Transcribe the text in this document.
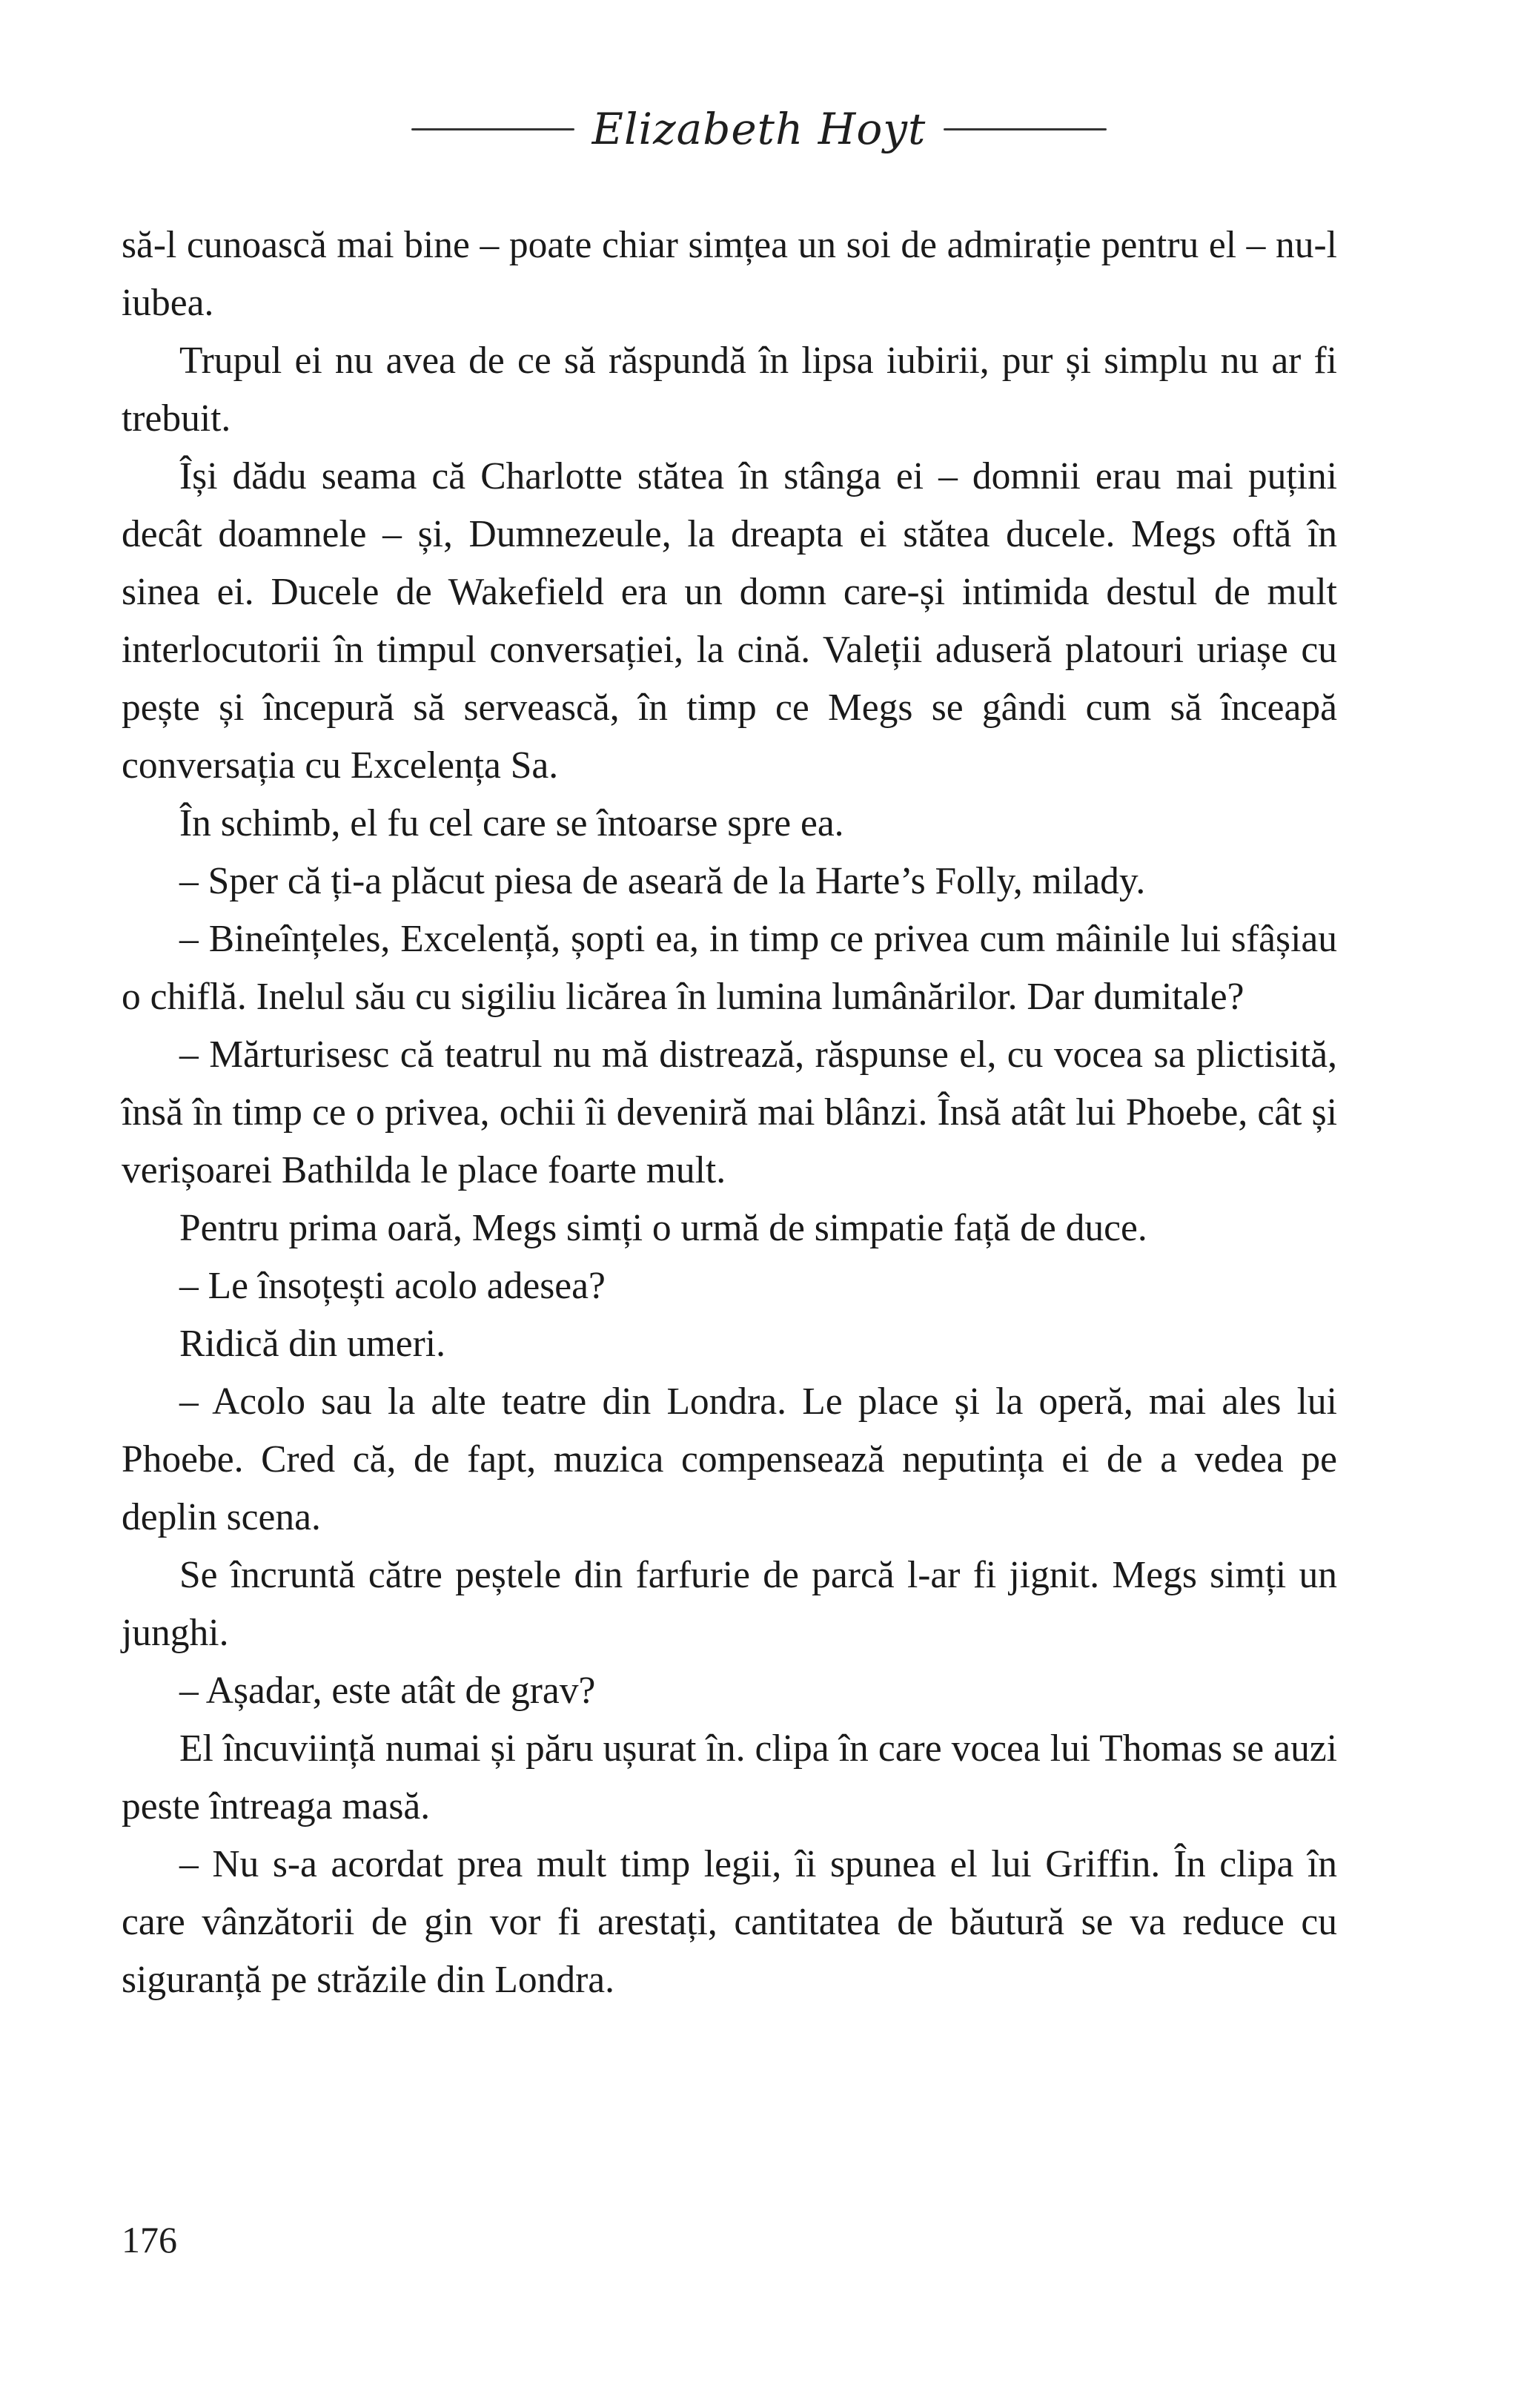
Elizabeth Hoyt

să-l cunoască mai bine – poate chiar simțea un soi de admirație pentru el – nu-l iubea.

Trupul ei nu avea de ce să răspundă în lipsa iubirii, pur și simplu nu ar fi trebuit.

Își dădu seama că Charlotte stătea în stânga ei – domnii erau mai puțini decât doamnele – și, Dumnezeule, la dreapta ei stătea ducele. Megs oftă în sinea ei. Ducele de Wakefield era un domn care-și intimida destul de mult interlocutorii în timpul conversației, la cină. Valeții aduseră platouri uriașe cu pește și începură să servească, în timp ce Megs se gândi cum să înceapă conversația cu Excelența Sa.

În schimb, el fu cel care se întoarse spre ea.

– Sper că ți-a plăcut piesa de aseară de la Harte’s Folly, milady.

– Bineînțeles, Excelență, șopti ea, in timp ce privea cum mâinile lui sfâșiau o chiflă. Inelul său cu sigiliu licărea în lumina lumânărilor. Dar dumitale?

– Mărturisesc că teatrul nu mă distrează, răspunse el, cu vocea sa plictisită, însă în timp ce o privea, ochii îi deveniră mai blânzi. Însă atât lui Phoebe, cât și verișoarei Bathilda le place foarte mult.

Pentru prima oară, Megs simți o urmă de simpatie față de duce.

– Le însoțești acolo adesea?

Ridică din umeri.

– Acolo sau la alte teatre din Londra. Le place și la operă, mai ales lui Phoebe. Cred că, de fapt, muzica compensează neputința ei de a vedea pe deplin scena.

Se încruntă către peștele din farfurie de parcă l-ar fi jignit. Megs simți un junghi.

– Așadar, este atât de grav?

El încuviință numai și păru ușurat în. clipa în care vocea lui Thomas se auzi peste întreaga masă.

– Nu s-a acordat prea mult timp legii, îi spunea el lui Griffin. În clipa în care vânzătorii de gin vor fi arestați, cantitatea de băutură se va reduce cu siguranță pe străzile din Londra.

176
